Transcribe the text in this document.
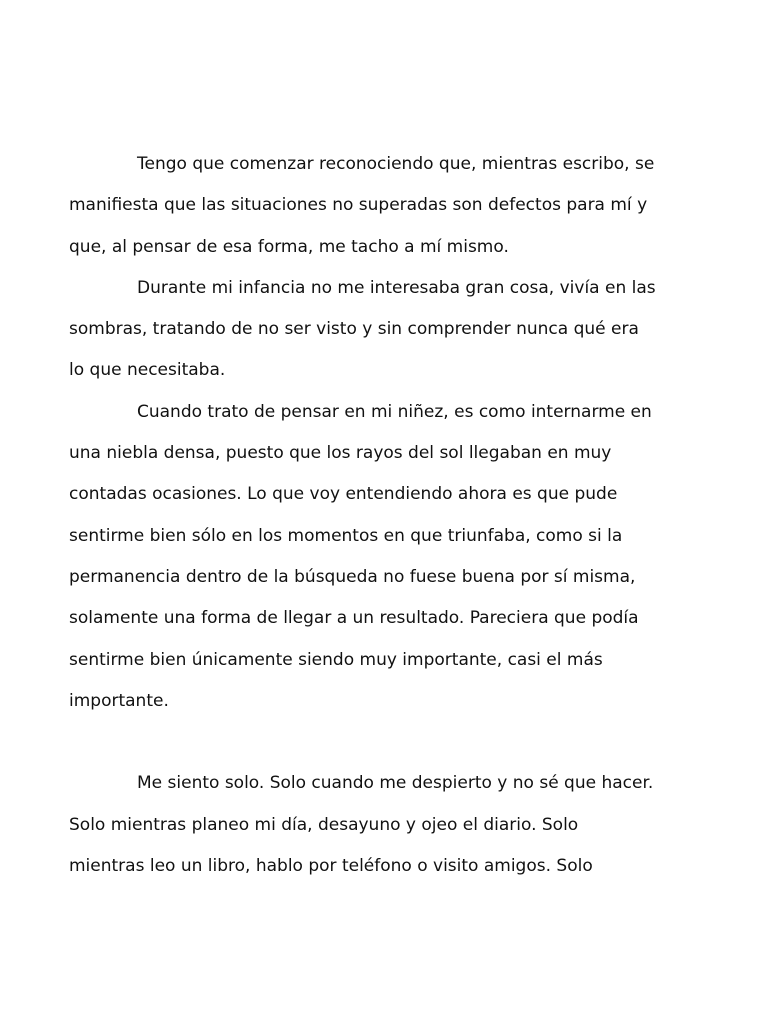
Tengo que comenzar reconociendo que, mientras escribo, se

manifiesta que las situaciones no superadas son defectos para mí y

que, al pensar de esa forma, me tacho a mí mismo.

Durante mi infancia no me interesaba gran cosa, vivía en las

sombras, tratando de no ser visto y sin comprender nunca qué era

lo que necesitaba.

Cuando trato de pensar en mi niñez, es como internarme en

una niebla densa, puesto que los rayos del sol llegaban en muy

contadas ocasiones. Lo que voy entendiendo ahora es que pude

sentirme bien sólo en los momentos en que triunfaba, como si la

permanencia dentro de la búsqueda no fuese buena por sí misma,

solamente una forma de llegar a un resultado. Pareciera que podía

sentirme bien únicamente siendo muy importante, casi el más

importante.

Me siento solo. Solo cuando me despierto y no sé que hacer.

Solo mientras planeo mi día, desayuno y ojeo el diario. Solo

mientras leo un libro, hablo por teléfono o visito amigos. Solo
